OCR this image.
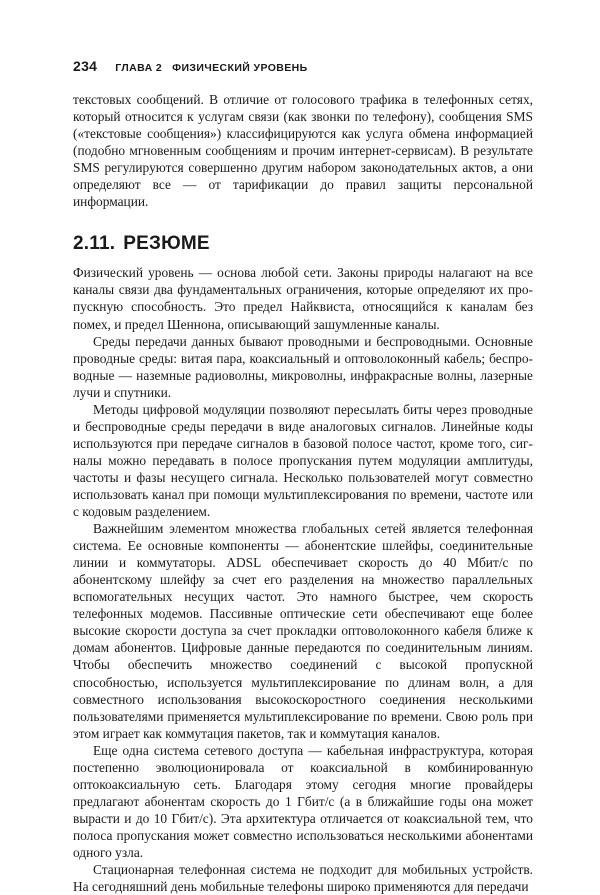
234 ГЛАВА 2 ФИЗИЧЕСКИЙ УРОВЕНЬ

текстовых сообщений. В отличие от голосового трафика в телефонных сетях, который относится к услугам связи (как звонки по телефону), сообщения SMS («текстовые сообщения») классифицируются как услуга обмена информацией (подобно мгновенным сообщениям и прочим интернет-сервисам). В результате SMS регулируются совершенно другим набором законодательных актов, а они определяют все — от тарификации до правил защиты персональной информации.

2.11. РЕЗЮМЕ

Физический уровень — основа любой сети. Законы природы налагают на все каналы связи два фундаментальных ограничения, которые определяют их пропускную способность. Это предел Найквиста, относящийся к каналам без помех, и предел Шеннона, описывающий зашумленные каналы.

Среды передачи данных бывают проводными и беспроводными. Основные проводные среды: витая пара, коаксиальный и оптоволоконный кабель; беспроводные — наземные радиоволны, микроволны, инфракрасные волны, лазерные лучи и спутники.

Методы цифровой модуляции позволяют пересылать биты через проводные и беспроводные среды передачи в виде аналоговых сигналов. Линейные коды используются при передаче сигналов в базовой полосе частот, кроме того, сигналы можно передавать в полосе пропускания путем модуляции амплитуды, частоты и фазы несущего сигнала. Несколько пользователей могут совместно использовать канал при помощи мультиплексирования по времени, частоте или с кодовым разделением.

Важнейшим элементом множества глобальных сетей является телефонная система. Ее основные компоненты — абонентские шлейфы, соединительные линии и коммутаторы. ADSL обеспечивает скорость до 40 Мбит/с по абонентскому шлейфу за счет его разделения на множество параллельных вспомогательных несущих частот. Это намного быстрее, чем скорость телефонных модемов. Пассивные оптические сети обеспечивают еще более высокие скорости доступа за счет прокладки оптоволоконного кабеля ближе к домам абонентов. Цифровые данные передаются по соединительным линиям. Чтобы обеспечить множество соединений с высокой пропускной способностью, используется мультиплексирование по длинам волн, а для совместного использования высокоскоростного соединения несколькими пользователями применяется мультиплексирование по времени. Свою роль при этом играет как коммутация пакетов, так и коммутация каналов.

Еще одна система сетевого доступа — кабельная инфраструктура, которая постепенно эволюционировала от коаксиальной в комбинированную оптокоаксиальную сеть. Благодаря этому сегодня многие провайдеры предлагают абонентам скорость до 1 Гбит/с (а в ближайшие годы она может вырасти и до 10 Гбит/с). Эта архитектура отличается от коаксиальной тем, что полоса пропускания может совместно использоваться несколькими абонентами одного узла.

Стационарная телефонная система не подходит для мобильных устройств. На сегодняшний день мобильные телефоны широко применяются для передачи
